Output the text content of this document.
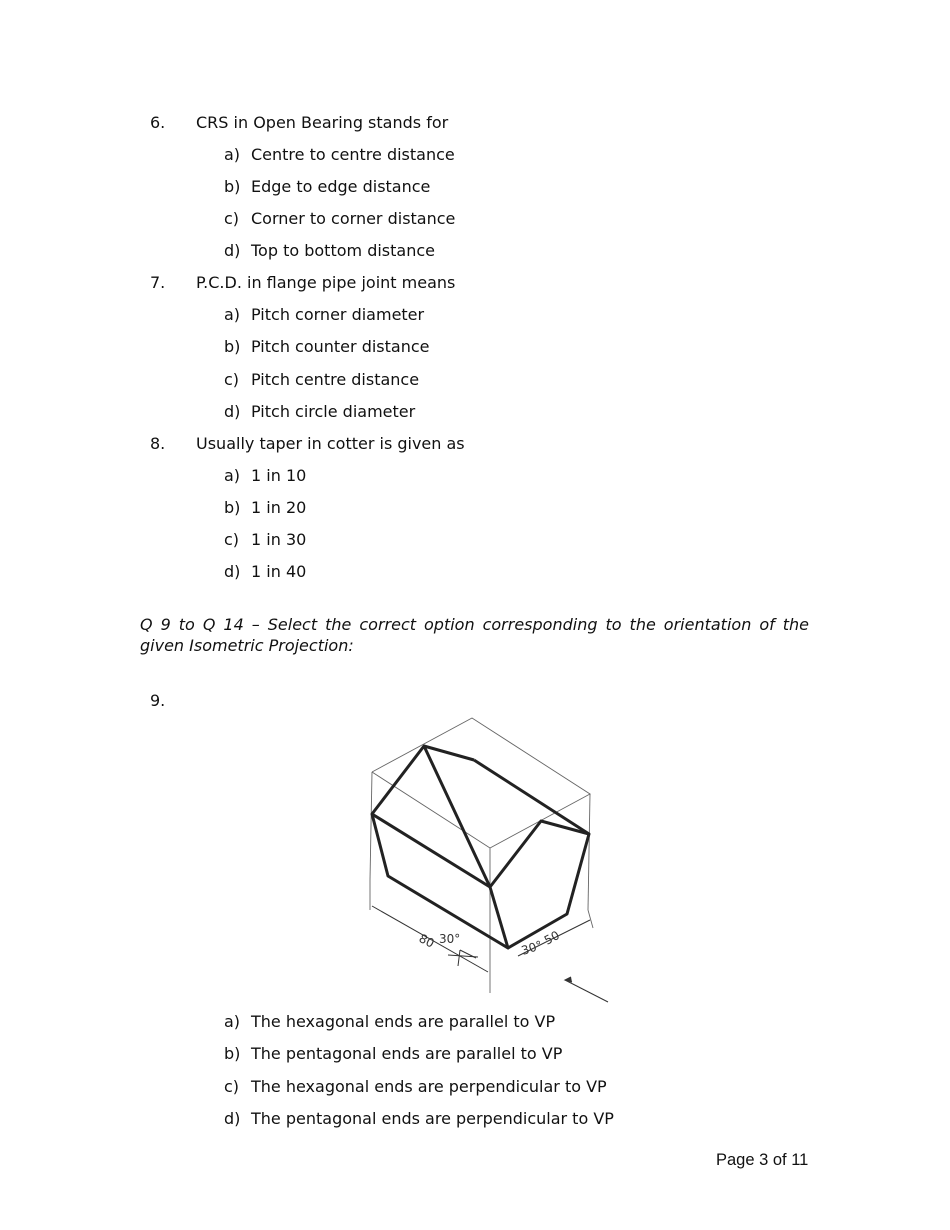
6. CRS in Open Bearing stands for
a) Centre to centre distance
b) Edge to edge distance
c) Corner to corner distance
d) Top to bottom distance
7. P.C.D. in flange pipe joint means
a) Pitch corner diameter
b) Pitch counter distance
c) Pitch centre distance
d) Pitch circle diameter
8. Usually taper in cotter is given as
a) 1 in 10
b) 1 in 20
c) 1 in 30
d) 1 in 40
Q 9 to Q 14 – Select the correct option corresponding to the orientation of the given Isometric Projection:
9.
80 30°	30°
50
a) The hexagonal ends are parallel to VP
b) The pentagonal ends are parallel to VP
c) The hexagonal ends are perpendicular to VP
d) The pentagonal ends are perpendicular to VP
Page 3 of 11
